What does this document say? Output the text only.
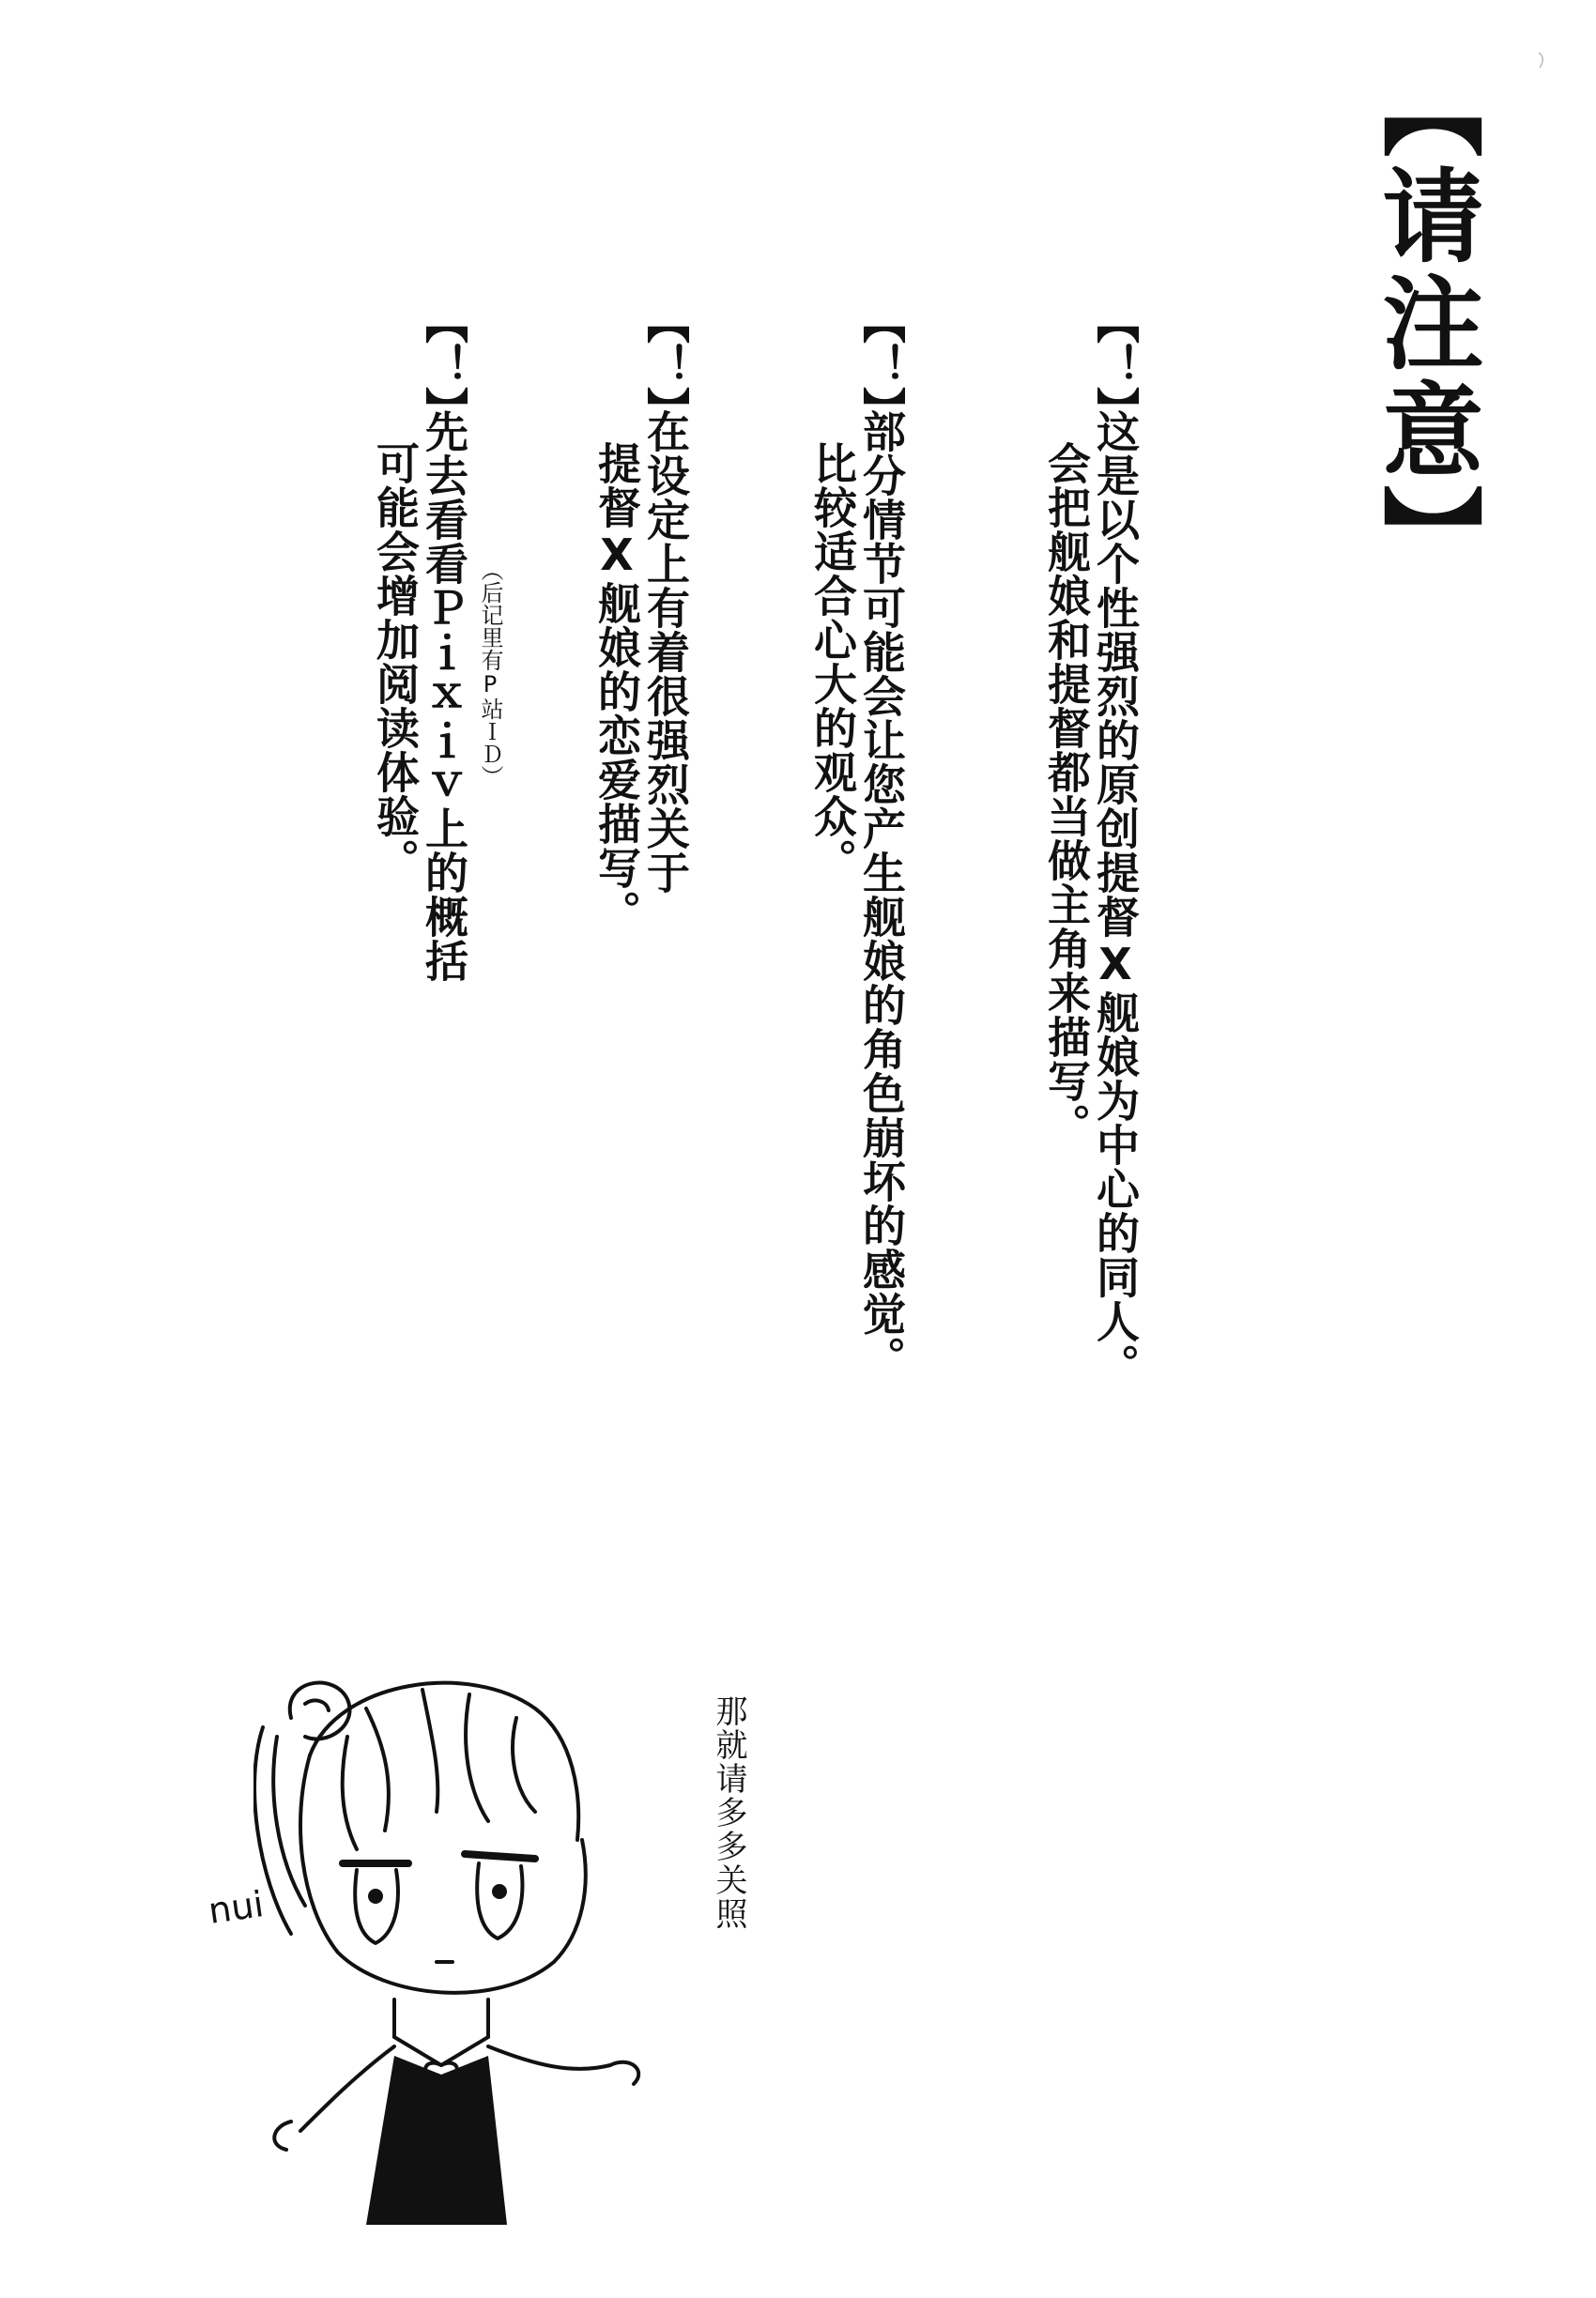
【请注意】
【！】
这是以个性强烈的原创提督X舰娘为中心的同人。
会把舰娘和提督都当做主角来描写。
【！】
部分情节可能会让您产生舰娘的角色崩坏的感觉。
比较适合心大的观众。
【！】
在设定上有着很强烈关于
提督X舰娘的恋爱描写。
【！】
先去看看Ｐｉｘｉｖ上的概括
可能会增加阅读体验。	（后记里有P站ＩＤ）
那就请多多关照
nui
